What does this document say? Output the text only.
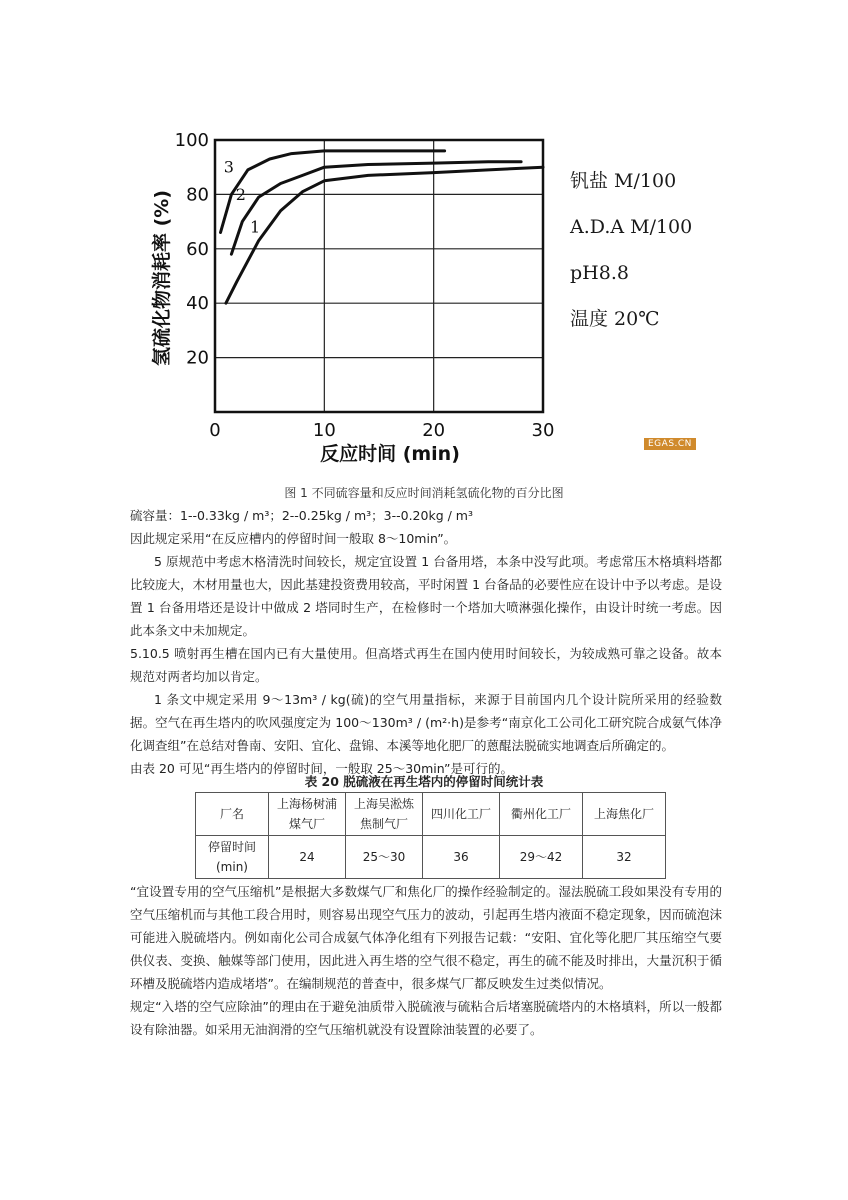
0	10	20	30
20
40
60
80
100
1
2
3
氢硫化物消耗率 (%)
反应时间 (min)
钒盐 M/100
A.D.A M/100
pH8.8
温度 20℃
EGAS.CN
图 1 不同硫容量和反应时间消耗氢硫化物的百分比图

硫容量：1--0.33kg / m³；2--0.25kg / m³；3--0.20kg / m³

因此规定采用“在反应槽内的停留时间一般取 8～10min”。

5 原规范中考虑木格清洗时间较长，规定宜设置 1 台备用塔，本条中没写此项。考虑常压木格填料塔都比较庞大，木材用量也大，因此基建投资费用较高，平时闲置 1 台备品的必要性应在设计中予以考虑。是设置 1 台备用塔还是设计中做成 2 塔同时生产，在检修时一个塔加大喷淋强化操作，由设计时统一考虑。因此本条文中未加规定。

5.10.5 喷射再生槽在国内已有大量使用。但高塔式再生在国内使用时间较长，为较成熟可靠之设备。故本规范对两者均加以肯定。

1 条文中规定采用 9～13m³ / kg(硫)的空气用量指标，来源于目前国内几个设计院所采用的经验数据。空气在再生塔内的吹风强度定为 100～130m³ / (m²·h)是参考“南京化工公司化工研究院合成氨气体净化调查组”在总结对鲁南、安阳、宜化、盘锦、本溪等地化肥厂的蒽醌法脱硫实地调查后所确定的。

由表 20 可见“再生塔内的停留时间，一般取 25～30min”是可行的。

表 20 脱硫液在再生塔内的停留时间统计表
厂名	上海杨树浦煤气厂	上海吴淞炼焦制气厂	四川化工厂	衢州化工厂	上海焦化厂
停留时间(min)	24	25～30	36	29～42	32

“宜设置专用的空气压缩机”是根据大多数煤气厂和焦化厂的操作经验制定的。湿法脱硫工段如果没有专用的空气压缩机而与其他工段合用时，则容易出现空气压力的波动，引起再生塔内液面不稳定现象，因而硫泡沫可能进入脱硫塔内。例如南化公司合成氨气体净化组有下列报告记载：“安阳、宜化等化肥厂其压缩空气要供仪表、变换、触媒等部门使用，因此进入再生塔的空气很不稳定，再生的硫不能及时排出，大量沉积于循环槽及脱硫塔内造成堵塔”。在编制规范的普查中，很多煤气厂都反映发生过类似情况。

规定“入塔的空气应除油”的理由在于避免油质带入脱硫液与硫粘合后堵塞脱硫塔内的木格填料，所以一般都设有除油器。如采用无油润滑的空气压缩机就没有设置除油装置的必要了。
